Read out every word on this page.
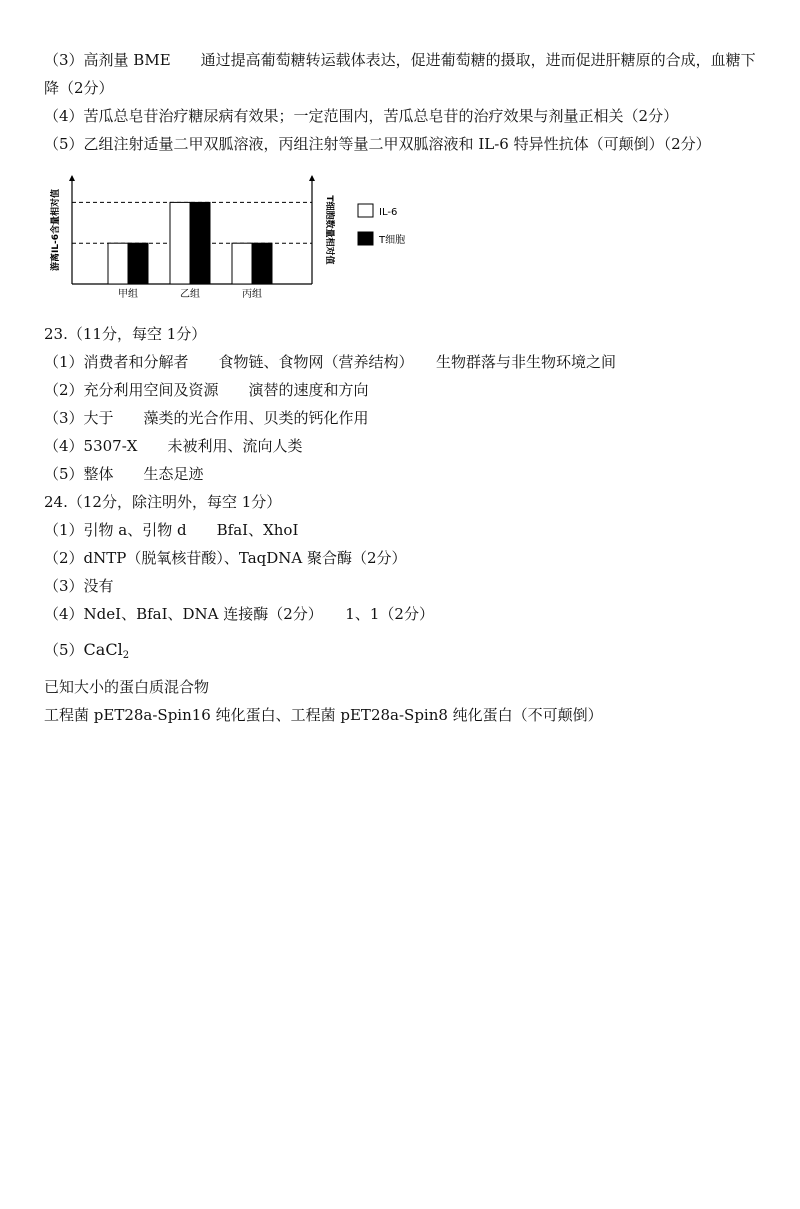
（3）高剂量 BME　　通过提高葡萄糖转运载体表达，促进葡萄糖的摄取，进而促进肝糖原的合成，血糖下
降（2分）
（4）苦瓜总皂苷治疗糖尿病有效果；一定范围内，苦瓜总皂苷的治疗效果与剂量正相关（2分）
（5）乙组注射适量二甲双胍溶液，丙组注射等量二甲双胍溶液和 IL-6 特异性抗体（可颠倒）（2分）
甲组	乙组	丙组
游离IL-6含量相对值	T细胞数量相对值	IL-6
T细胞
23.（11分，每空 1分）
（1）消费者和分解者　　食物链、食物网（营养结构）　　生物群落与非生物环境之间
（2）充分利用空间及资源　　演替的速度和方向
（3）大于　　藻类的光合作用、贝类的钙化作用
（4）5307-X　　未被利用、流向人类
（5）整体　　生态足迹
24.（12分，除注明外，每空 1分）
（1）引物 a、引物 d　　BfaⅠ、XhoⅠ
（2）dNTP（脱氧核苷酸）、TaqDNA 聚合酶（2分）
（3）没有
（4）NdeⅠ、BfaⅠ、DNA 连接酶（2分）　　1、1（2分）
（5）CaCl$_2$
已知大小的蛋白质混合物
工程菌 pET28a-Spin16 纯化蛋白、工程菌 pET28a-Spin8 纯化蛋白（不可颠倒）
